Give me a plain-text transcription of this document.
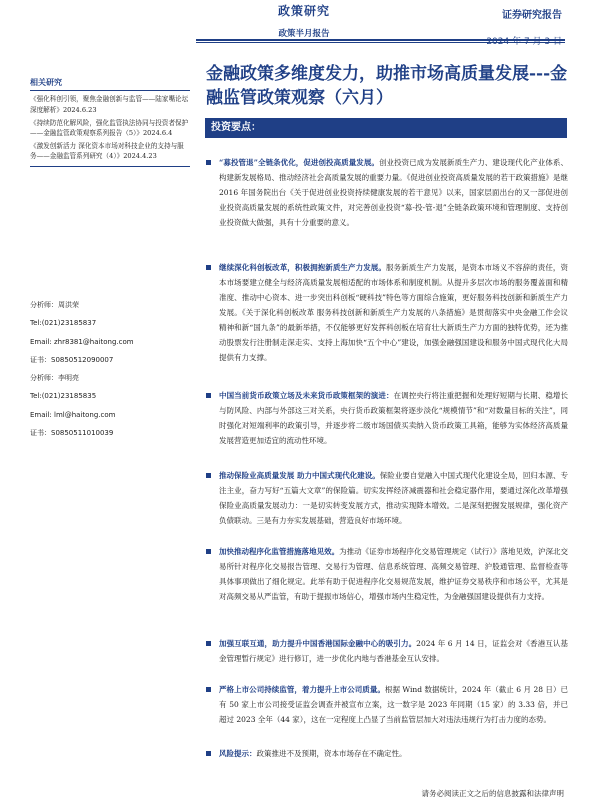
政策研究
政策半月报告
证券研究报告
相关研究
《强化科创引领，聚焦金融创新与监管——陆家嘴论坛深度解析》2024.6.23
《持续防范化解风险，强化监管执法协同与投资者保护——金融监管政策观察系列报告（5）》2024.6.4
《激发创新活力 深化资本市场对科技企业的支持与服务——金融监管系列研究（4）》2024.4.23
分析师：周洪荣
Tel:(021)23185837
Email: zhr8381@haitong.com
证书：S0850512090007
分析师：李明亮
Tel:(021)23185835
Email: lml@haitong.com
证书：S0850511010039
金融政策多维度发力，助推市场高质量发展---金融监管政策观察（六月）
投资要点：
“募投管退”全链条优化，促进创投高质量发展。创业投资已成为发展新质生产力、建设现代化产业体系、构建新发展格局、推动经济社会高质量发展的重要力量。《促进创业投资高质量发展的若干政策措施》是继 2016 年国务院出台《关于促进创业投资持续健康发展的若干意见》以来，国家层面出台的又一部促进创业投资高质量发展的系统性政策文件，对完善创业投资“募-投-管-退”全链条政策环境和管理制度、支持创业投资做大做强，具有十分重要的意义。
继续深化科创板改革，积极拥抱新质生产力发展。服务新质生产力发展，是资本市场义不容辞的责任，资本市场要建立健全与经济高质量发展相适配的市场体系和制度机制。从提升多层次市场的服务覆盖面和精准度、推动中心资本、进一步突出科创板“硬科技”特色等方面综合施策，更好服务科技创新和新质生产力发展。《关于深化科创板改革 服务科技创新和新质生产力发展的八条措施》是贯彻落实中央金融工作会议精神和新“国九条”的最新举措，不仅能够更好发挥科创板在培育壮大新质生产力方面的独特优势，还为推动股票发行注册制走深走实、支持上海加快“五个中心”建设，加强金融强国建设和服务中国式现代化大局提供有力支撑。
中国当前货币政策立场及未来货币政策框架的演进：在调控央行将注重把握和处理好短期与长期、稳增长与防风险、内部与外部这三对关系，央行货币政策框架将逐步淡化“规模情节”和“对数量目标的关注”，同时强化对短端利率的政策引导，并逐步将二级市场国债买卖纳入货币政策工具箱，能够为实体经济高质量发展营造更加适宜的流动性环境。
推动保险业高质量发展 助力中国式现代化建设。保险业要自觉融入中国式现代化建设全局，回归本源、专注主业，奋力写好“五篇大文章”的保险篇。切实发挥经济减震器和社会稳定器作用，要通过深化改革增强保险业高质量发展动力：一是切实转变发展方式，推动实现降本增效。二是深刻把握发展规律，强化资产负债联动。三是有力夯实发展基础，营造良好市场环境。
加快推动程序化监管措施落地见效。为推动《证券市场程序化交易管理规定（试行）》落地见效，沪深北交易所针对程序化交易报告管理、交易行为管理、信息系统管理、高频交易管理、沪股通管理、监督检查等具体事项做出了细化规定。此举有助于促进程序化交易规范发展，维护证券交易秩序和市场公平，尤其是对高频交易从严监管，有助于提振市场信心，增强市场内生稳定性，为金融强国建设提供有力支持。
加强互联互通，助力提升中国香港国际金融中心的吸引力。2024 年 6 月 14 日，证监会对《香港互认基金管理暂行规定》进行修订，进一步优化内地与香港基金互认安排。
严格上市公司持续监管，着力提升上市公司质量。根据 Wind 数据统计，2024 年（截止 6 月 28 日）已有 50 家上市公司接受证监会调查并被宣布立案，这一数字是 2023 年同期（15 家）的 3.33 倍，并已超过 2023 全年（44 家），这在一定程度上凸显了当前监管层加大对违法违规行为打击力度的态势。
风险提示：政策推进不及预期，资本市场存在不确定性。
请务必阅读正文之后的信息披露和法律声明
